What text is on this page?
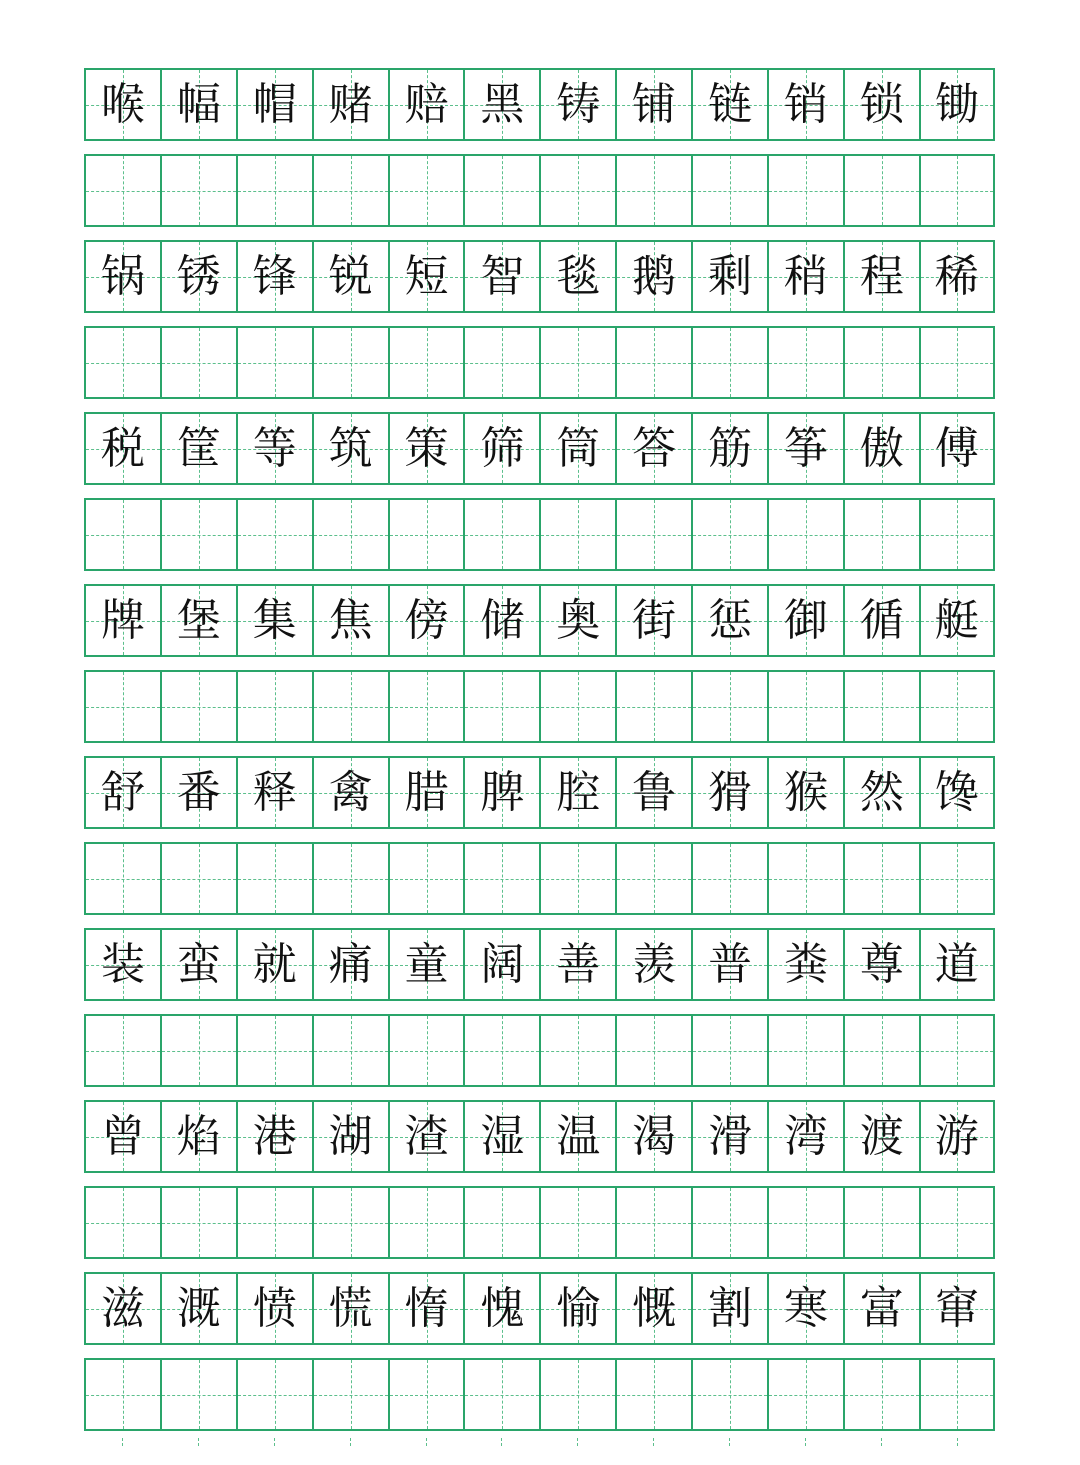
喉 幅 帽 赌 赔 黑 铸 铺 链 销 锁 锄
锅 锈 锋 锐 短 智 毯 鹅 剩 稍 程 稀
税 筐 等 筑 策 筛 筒 答 筋 筝 傲 傅
牌 堡 集 焦 傍 储 奥 街 惩 御 循 艇
舒 番 释 禽 腊 脾 腔 鲁 猾 猴 然 馋
装 蛮 就 痛 童 阔 善 羡 普 粪 尊 道
曾 焰 港 湖 渣 湿 温 渴 滑 湾 渡 游
滋 溉 愤 慌 惰 愧 愉 慨 割 寒 富 窜
